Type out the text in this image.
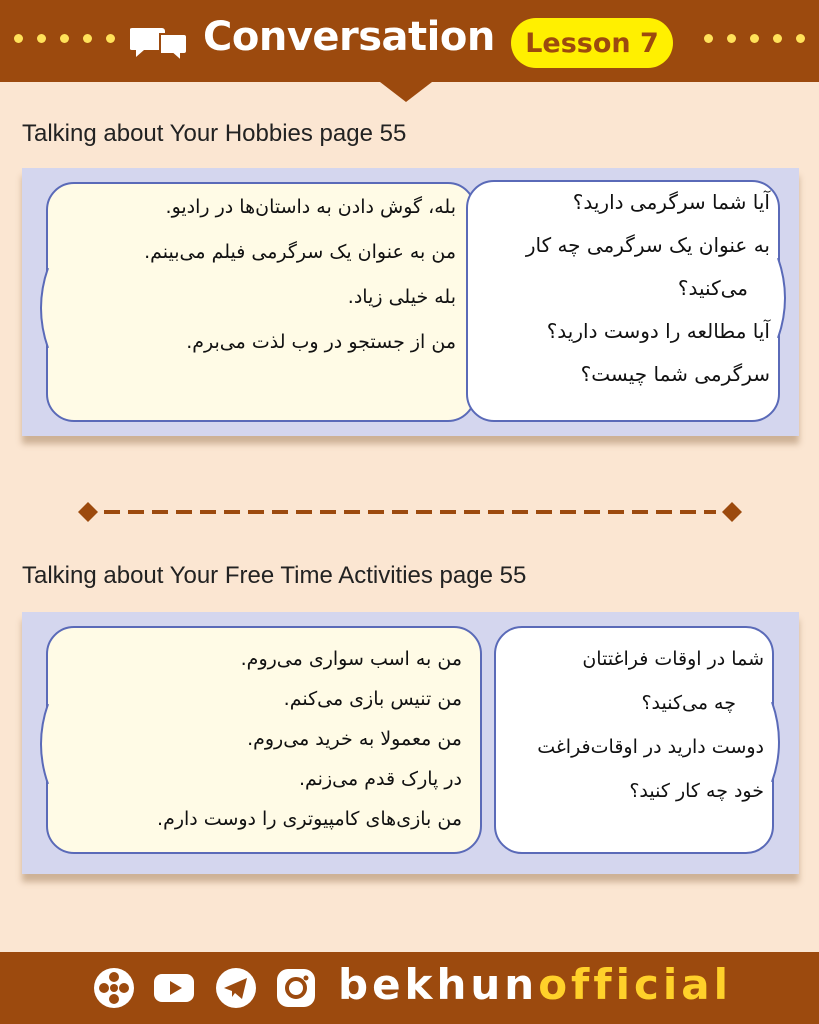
Conversation	Lesson 7
Talking about Your Hobbies page 55
بله، گوش دادن به داستان‌ها در رادیو.
من به عنوان یک سرگرمی فیلم می‌بینم.
بله خیلی زیاد.
من از جستجو در وب لذت می‌برم.
آیا شما سرگرمی دارید؟
به عنوان یک سرگرمی چه کار
می‌کنید؟
آیا مطالعه را دوست دارید؟
سرگرمی شما چیست؟
Talking about Your Free Time Activities page 55
من به اسب سواری می‌روم.
من تنیس بازی می‌کنم.
من معمولا به خرید می‌روم.
در پارک قدم می‌زنم.
من بازی‌های کامپیوتری را دوست دارم.
شما در اوقات فراغتتان
چه می‌کنید؟
دوست دارید در اوقات‌فراغت
خود چه کار کنید؟
bekhunofficial
